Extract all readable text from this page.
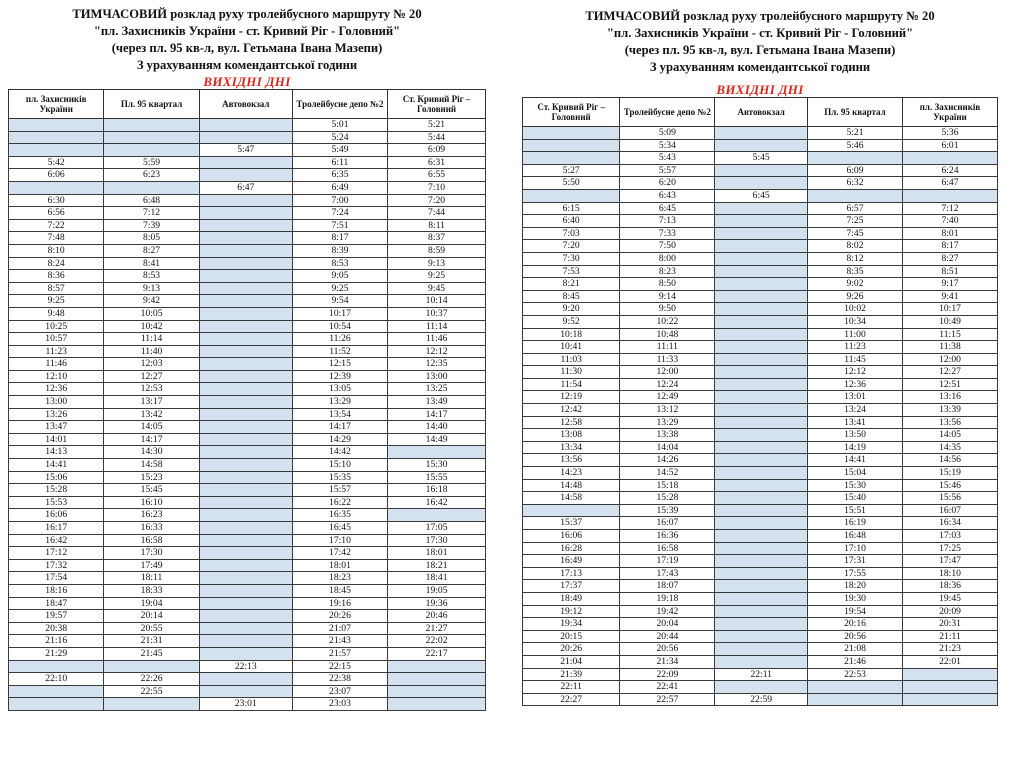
ТИМЧАСОВИЙ розклад руху тролейбусного маршруту № 20
"пл. Захисників України - ст. Кривий Ріг - Головний"
(через пл. 95 кв-л, вул. Гетьмана Івана Мазепи)
З урахуванням комендантської години
ВИХІДНІ ДНІ
пл. Захисників України	Пл. 95 квартал	Автовокзал	Тролейбусне депо №2	Ст. Кривий Ріг – Головний
			5:01	5:21
			5:24	5:44
		5:47	5:49	6:09
5:42	5:59		6:11	6:31
6:06	6:23		6:35	6:55
		6:47	6:49	7:10
6:30	6:48		7:00	7:20
6:56	7:12		7:24	7:44
7:22	7:39		7:51	8:11
7:48	8:05		8:17	8:37
8:10	8:27		8:39	8:59
8:24	8:41		8:53	9:13
8:36	8:53		9:05	9:25
8:57	9:13		9:25	9:45
9:25	9:42		9:54	10:14
9:48	10:05		10:17	10:37
10:25	10:42		10:54	11:14
10:57	11:14		11:26	11:46
11:23	11:40		11:52	12:12
11:46	12:03		12:15	12:35
12:10	12:27		12:39	13:00
12:36	12:53		13:05	13:25
13:00	13:17		13:29	13:49
13:26	13:42		13:54	14:17
13:47	14:05		14:17	14:40
14:01	14:17		14:29	14:49
14:13	14:30		14:42	
14:41	14:58		15:10	15:30
15:06	15:23		15:35	15:55
15:28	15:45		15:57	16:18
15:53	16:10		16:22	16:42
16:06	16:23		16:35	
16:17	16:33		16:45	17:05
16:42	16:58		17:10	17:30
17:12	17:30		17:42	18:01
17:32	17:49		18:01	18:21
17:54	18:11		18:23	18:41
18:16	18:33		18:45	19:05
18:47	19:04		19:16	19:36
19:57	20:14		20:26	20:46
20:38	20:55		21:07	21:27
21:16	21:31		21:43	22:02
21:29	21:45		21:57	22:17
		22:13	22:15	
22:10	22:26		22:38	
	22:55		23:07	
		23:01	23:03	
ТИМЧАСОВИЙ розклад руху тролейбусного маршруту № 20
"пл. Захисників України - ст. Кривий Ріг - Головний"
(через пл. 95 кв-л, вул. Гетьмана Івана Мазепи)
З урахуванням комендантської години
ВИХІДНІ ДНІ
Ст. Кривий Ріг – Головний	Тролейбусне депо №2	Автовокзал	Пл. 95 квартал	пл. Захисників України
	5:09		5:21	5:36
	5:34		5:46	6:01
	5:43	5:45		
5:27	5:57		6:09	6:24
5:50	6:20		6:32	6:47
	6:43	6:45		
6:15	6:45		6:57	7:12
6:40	7:13		7:25	7:40
7:03	7:33		7:45	8:01
7:20	7:50		8:02	8:17
7:30	8:00		8:12	8:27
7:53	8:23		8:35	8:51
8:21	8:50		9:02	9:17
8:45	9:14		9:26	9:41
9:20	9:50		10:02	10:17
9:52	10:22		10:34	10:49
10:18	10:48		11:00	11:15
10:41	11:11		11:23	11:38
11:03	11:33		11:45	12:00
11:30	12:00		12:12	12:27
11:54	12:24		12:36	12:51
12:19	12:49		13:01	13:16
12:42	13:12		13:24	13:39
12:58	13:29		13:41	13:56
13:08	13:38		13:50	14:05
13:34	14:04		14:19	14:35
13:56	14:26		14:41	14:56
14:23	14:52		15:04	15:19
14:48	15:18		15:30	15:46
14:58	15:28		15:40	15:56
	15:39		15:51	16:07
15:37	16:07		16:19	16:34
16:06	16:36		16:48	17:03
16:28	16:58		17:10	17:25
16:49	17:19		17:31	17:47
17:13	17:43		17:55	18:10
17:37	18:07		18:20	18:36
18:49	19:18		19:30	19:45
19:12	19:42		19:54	20:09
19:34	20:04		20:16	20:31
20:15	20:44		20:56	21:11
20:26	20:56		21:08	21:23
21:04	21:34		21:46	22:01
21:39	22:09	22:11	22:53	
22:11	22:41			
22:27	22:57	22:59		
